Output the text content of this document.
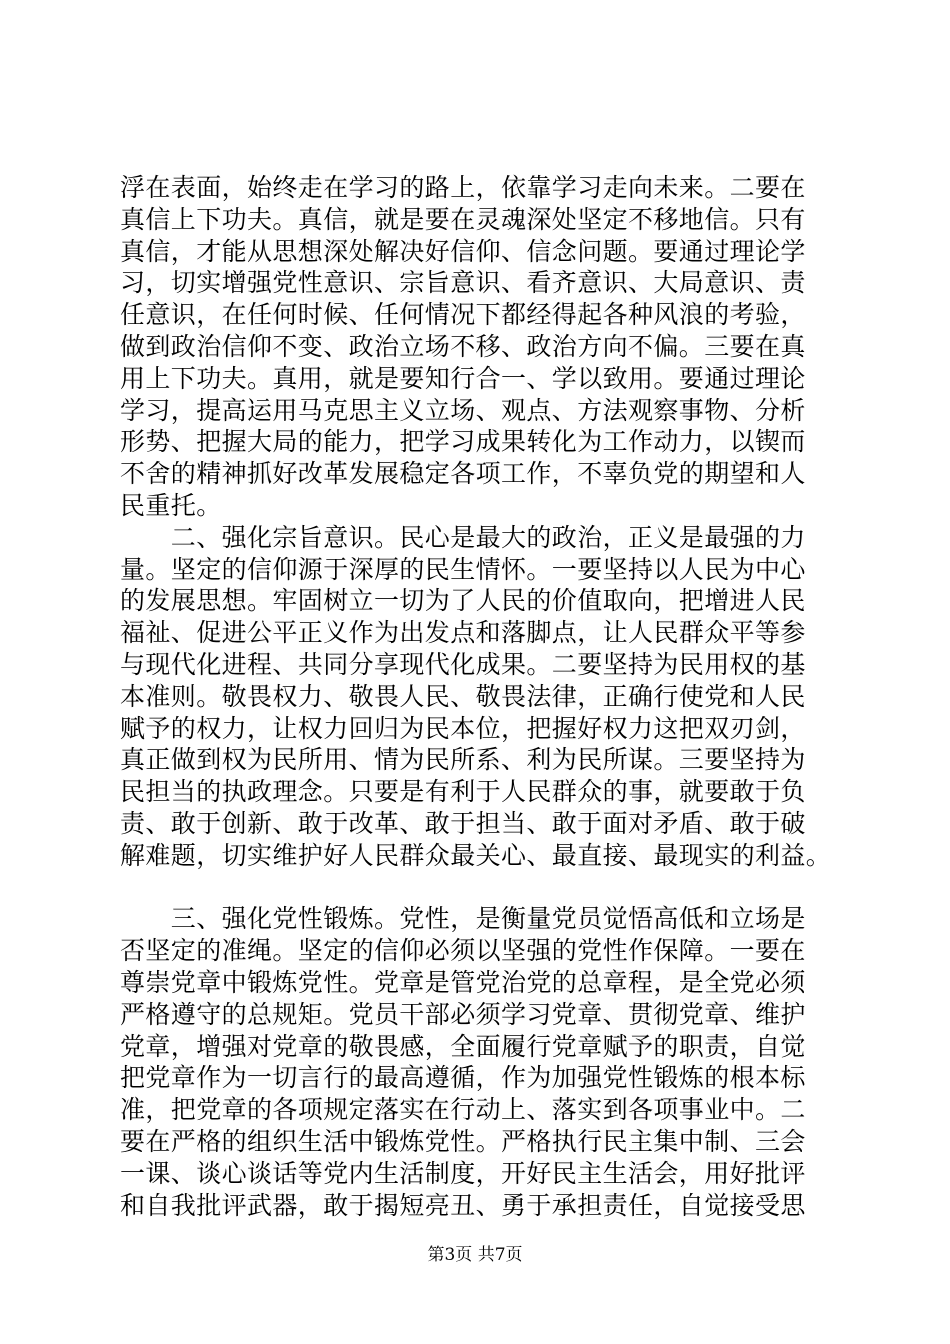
浮在表面，始终走在学习的路上，依靠学习走向未来。二要在
真信上下功夫。真信，就是要在灵魂深处坚定不移地信。只有
真信，才能从思想深处解决好信仰、信念问题。要通过理论学
习，切实增强党性意识、宗旨意识、看齐意识、大局意识、责
任意识，在任何时候、任何情况下都经得起各种风浪的考验，
做到政治信仰不变、政治立场不移、政治方向不偏。三要在真
用上下功夫。真用，就是要知行合一、学以致用。要通过理论
学习，提高运用马克思主义立场、观点、方法观察事物、分析
形势、把握大局的能力，把学习成果转化为工作动力，以锲而
不舍的精神抓好改革发展稳定各项工作，不辜负党的期望和人
民重托。
　　二、强化宗旨意识。民心是最大的政治，正义是最强的力
量。坚定的信仰源于深厚的民生情怀。一要坚持以人民为中心
的发展思想。牢固树立一切为了人民的价值取向，把增进人民
福祉、促进公平正义作为出发点和落脚点，让人民群众平等参
与现代化进程、共同分享现代化成果。二要坚持为民用权的基
本准则。敬畏权力、敬畏人民、敬畏法律，正确行使党和人民
赋予的权力，让权力回归为民本位，把握好权力这把双刃剑，
真正做到权为民所用、情为民所系、利为民所谋。三要坚持为
民担当的执政理念。只要是有利于人民群众的事，就要敢于负
责、敢于创新、敢于改革、敢于担当、敢于面对矛盾、敢于破
解难题，切实维护好人民群众最关心、最直接、最现实的利益。
　　三、强化党性锻炼。党性，是衡量党员觉悟高低和立场是
否坚定的准绳。坚定的信仰必须以坚强的党性作保障。一要在
尊崇党章中锻炼党性。党章是管党治党的总章程，是全党必须
严格遵守的总规矩。党员干部必须学习党章、贯彻党章、维护
党章，增强对党章的敬畏感，全面履行党章赋予的职责，自觉
把党章作为一切言行的最高遵循，作为加强党性锻炼的根本标
准，把党章的各项规定落实在行动上、落实到各项事业中。二
要在严格的组织生活中锻炼党性。严格执行民主集中制、三会
一课、谈心谈话等党内生活制度，开好民主生活会，用好批评
和自我批评武器，敢于揭短亮丑、勇于承担责任，自觉接受思
第3页 共7页
